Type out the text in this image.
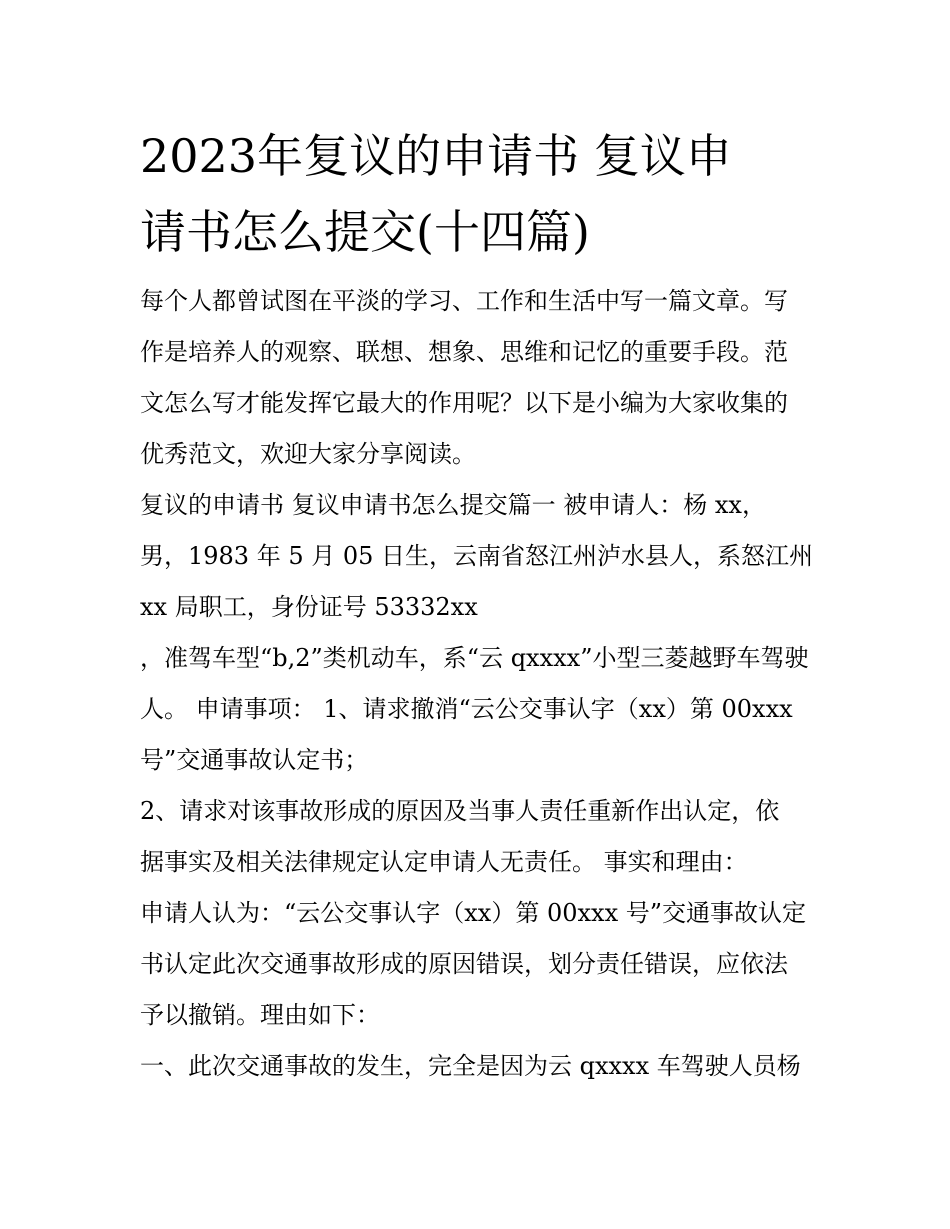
2023年复议的申请书 复议申
请书怎么提交(十四篇)
每个人都曾试图在平淡的学习、工作和生活中写一篇文章。写
作是培养人的观察、联想、想象、思维和记忆的重要手段。范
文怎么写才能发挥它最大的作用呢？以下是小编为大家收集的
优秀范文，欢迎大家分享阅读。
复议的申请书 复议申请书怎么提交篇一 被申请人：杨 xx，
男，1983 年 5 月 05 日生，云南省怒江州泸水县人，系怒江州
xx 局职工，身份证号 53332xx
，准驾车型“b,2”类机动车，系“云 qxxxx”小型三菱越野车驾驶
人。 申请事项： 1、请求撤消“云公交事认字（xx）第 00xxx
号”交通事故认定书；
2、请求对该事故形成的原因及当事人责任重新作出认定，依
据事实及相关法律规定认定申请人无责任。 事实和理由：
申请人认为：“云公交事认字（xx）第 00xxx 号”交通事故认定
书认定此次交通事故形成的原因错误，划分责任错误，应依法
予以撤销。理由如下：
一、此次交通事故的发生，完全是因为云 qxxxx 车驾驶人员杨
